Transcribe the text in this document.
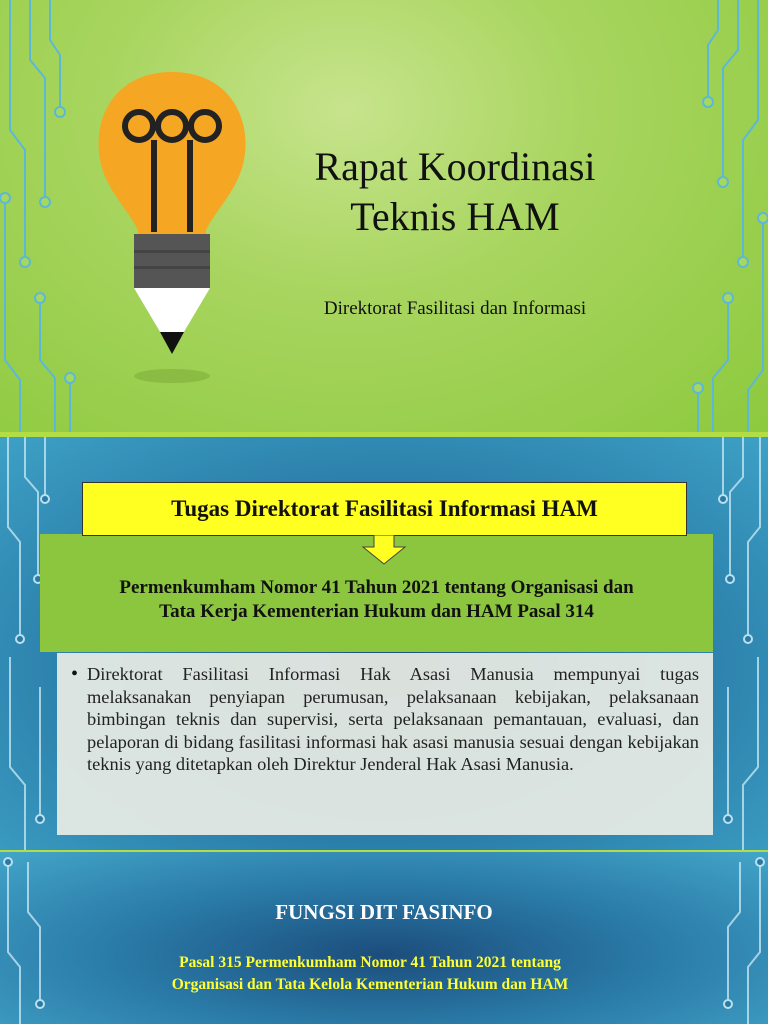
Rapat Koordinasi
Teknis HAM
Direktorat Fasilitasi dan Informasi
Tugas Direktorat Fasilitasi Informasi HAM
Permenkumham Nomor 41 Tahun 2021 tentang Organisasi dan
Tata Kerja Kementerian Hukum dan HAM Pasal 314
• Direktorat Fasilitasi Informasi Hak Asasi Manusia mempunyai tugas melaksanakan penyiapan perumusan, pelaksanaan kebijakan, pelaksanaan bimbingan teknis dan supervisi, serta pelaksanaan pemantauan, evaluasi, dan pelaporan di bidang fasilitasi informasi hak asasi manusia sesuai dengan kebijakan teknis yang ditetapkan oleh Direktur Jenderal Hak Asasi Manusia.
FUNGSI DIT FASINFO
Pasal 315 Permenkumham Nomor 41 Tahun 2021 tentang
Organisasi dan Tata Kelola Kementerian Hukum dan HAM
